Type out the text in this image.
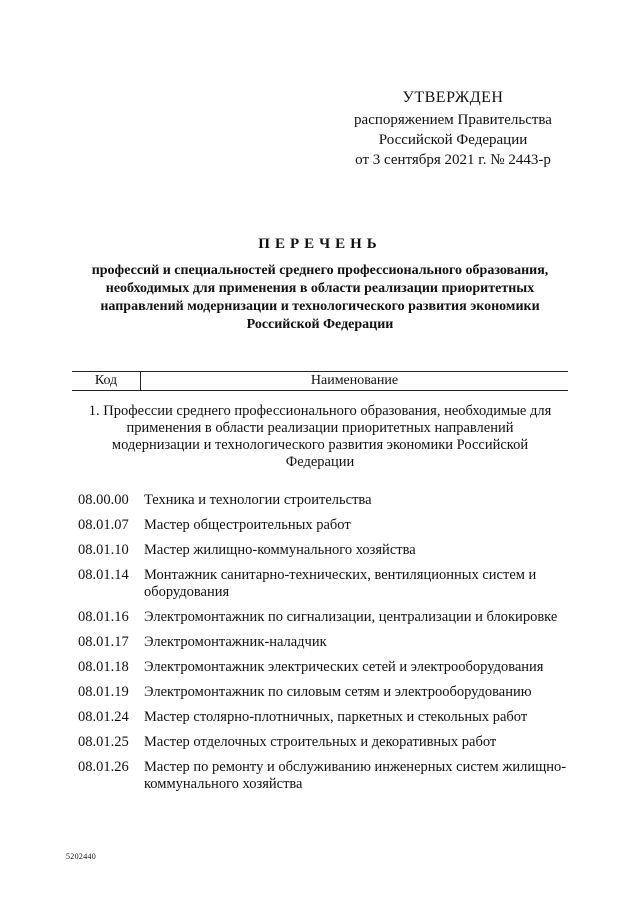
УТВЕРЖДЕН
распоряжением Правительства
Российской Федерации
от 3 сентября 2021 г. № 2443-р
ПЕРЕЧЕНЬ
профессий и специальностей среднего профессионального образования, необходимых для применения в области реализации приоритетных направлений модернизации и технологического развития экономики Российской Федерации
Код	Наименование
1. Профессии среднего профессионального образования, необходимые для применения в области реализации приоритетных направлений модернизации и технологического развития экономики Российской Федерации
08.00.00	Техника и технологии строительства
08.01.07	Мастер общестроительных работ
08.01.10	Мастер жилищно-коммунального хозяйства
08.01.14	Монтажник санитарно-технических, вентиляционных систем и оборудования
08.01.16	Электромонтажник по сигнализации, централизации и блокировке
08.01.17	Электромонтажник-наладчик
08.01.18	Электромонтажник электрических сетей и электрооборудования
08.01.19	Электромонтажник по силовым сетям и электрооборудованию
08.01.24	Мастер столярно-плотничных, паркетных и стекольных работ
08.01.25	Мастер отделочных строительных и декоративных работ
08.01.26	Мастер по ремонту и обслуживанию инженерных систем жилищно-коммунального хозяйства
5202440
